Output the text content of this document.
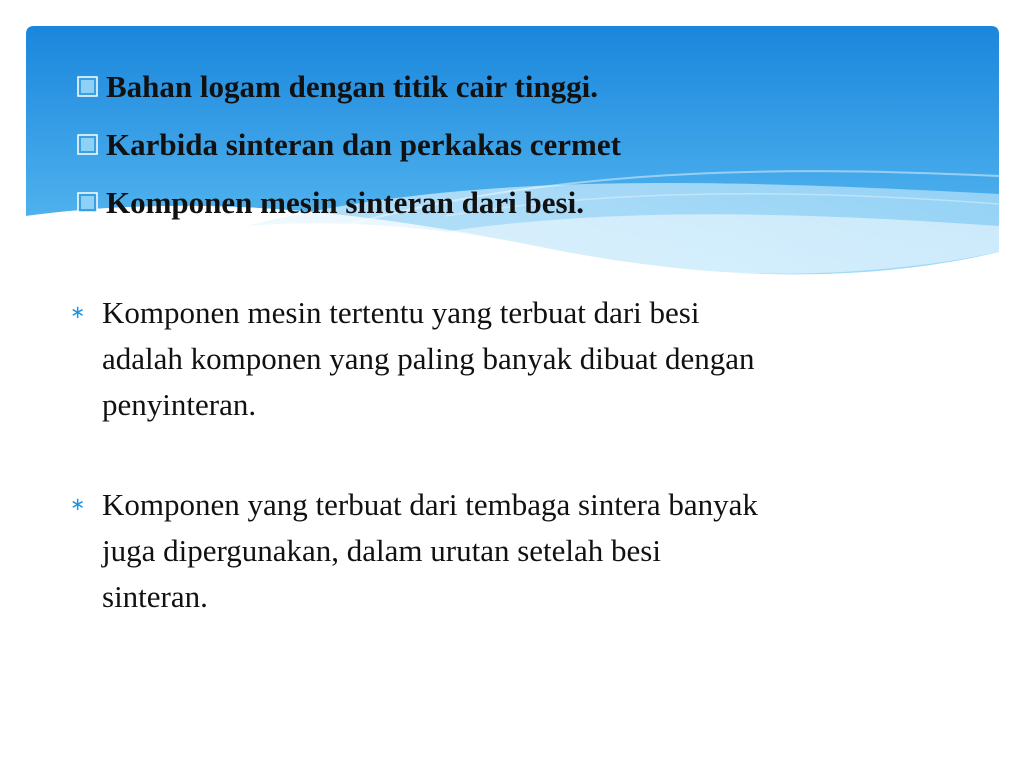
Bahan logam dengan titik cair tinggi.
Karbida sinteran dan perkakas cermet
Komponen mesin sinteran dari besi.
∗ Komponen mesin tertentu yang terbuat dari besi
adalah komponen yang paling banyak dibuat dengan
penyinteran.
∗ Komponen yang terbuat dari tembaga sintera banyak
juga dipergunakan, dalam urutan setelah besi
sinteran.
